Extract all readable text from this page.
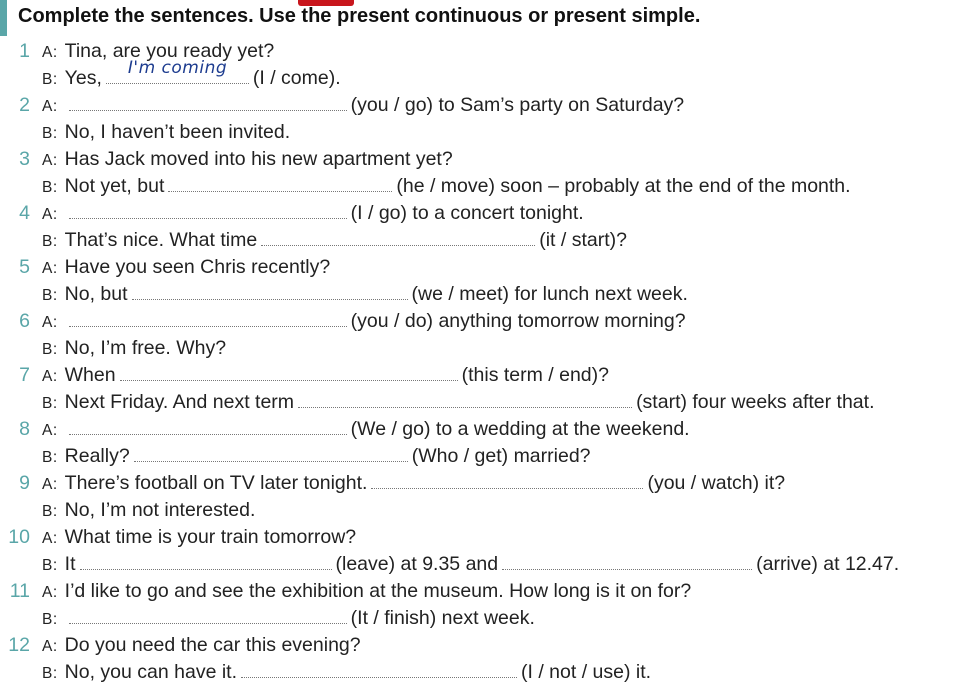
Complete the sentences. Use the present continuous or present simple.
1 A: Tina, are you ready yet?
B: Yes, I'm coming (I / come).
2 A:	(you / go) to Sam’s party on Saturday?
B: No, I haven’t been invited.
3 A: Has Jack moved into his new apartment yet?
B: Not yet, but	(he / move) soon – probably at the end of the month.
4 A:	(I / go) to a concert tonight.
B: That’s nice. What time	(it / start)?
5 A: Have you seen Chris recently?
B: No, but	(we / meet) for lunch next week.
6 A:	(you / do) anything tomorrow morning?
B: No, I’m free. Why?
7 A: When	(this term / end)?
B: Next Friday. And next term	(start) four weeks after that.
8 A:	(We / go) to a wedding at the weekend.
B: Really?	(Who / get) married?
9 A: There’s football on TV later tonight.	(you / watch) it?
B: No, I’m not interested.
10 A: What time is your train tomorrow?
B: It	(leave) at 9.35 and	(arrive) at 12.47.
11 A: I’d like to go and see the exhibition at the museum. How long is it on for?
B:	(It / finish) next week.
12 A: Do you need the car this evening?
B: No, you can have it.	(I / not / use) it.
